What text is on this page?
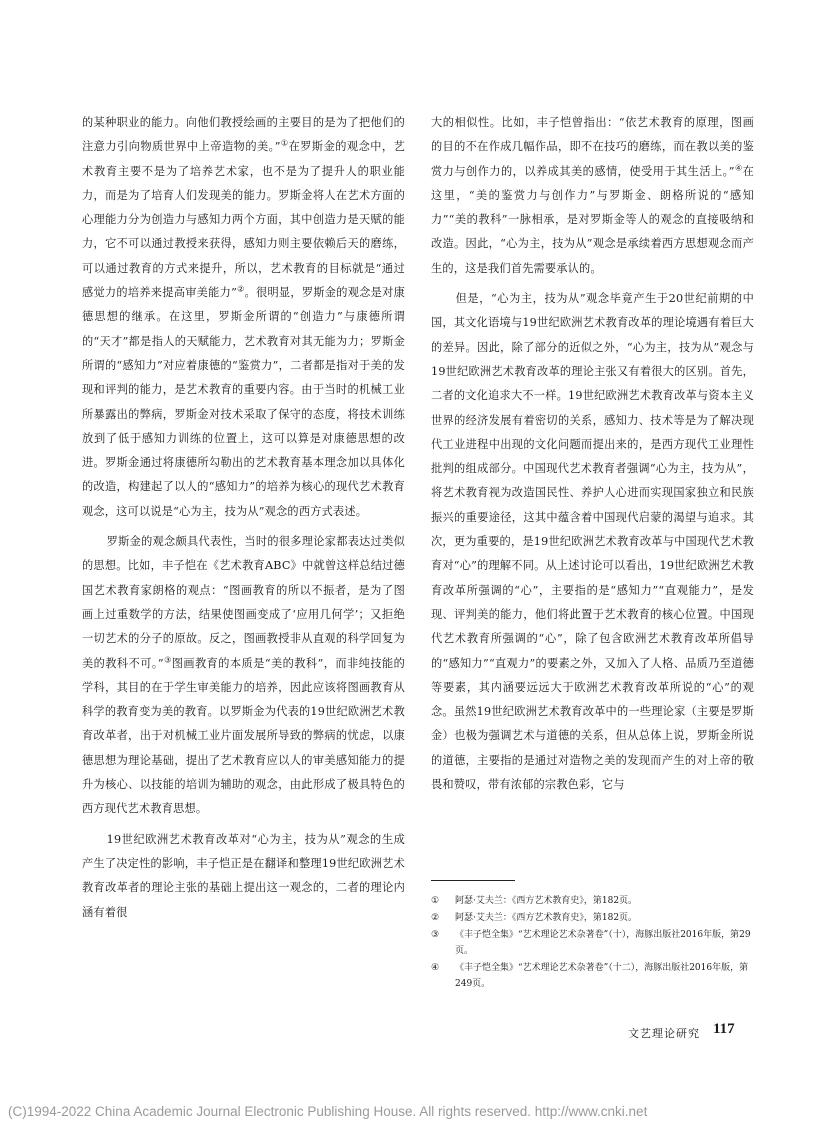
的某种职业的能力。向他们教授绘画的主要目的是为了把他们的注意力引向物质世界中上帝造物的美。”①在罗斯金的观念中，艺术教育主要不是为了培养艺术家，也不是为了提升人的职业能力，而是为了培育人们发现美的能力。罗斯金将人在艺术方面的心理能力分为创造力与感知力两个方面，其中创造力是天赋的能力，它不可以通过教授来获得，感知力则主要依赖后天的磨练，可以通过教育的方式来提升，所以，艺术教育的目标就是“通过感觉力的培养来提高审美能力”②。很明显，罗斯金的观念是对康德思想的继承。在这里，罗斯金所谓的“创造力”与康德所谓的“天才”都是指人的天赋能力，艺术教育对其无能为力；罗斯金所谓的“感知力”对应着康德的“鉴赏力”，二者都是指对于美的发现和评判的能力，是艺术教育的重要内容。由于当时的机械工业所暴露出的弊病，罗斯金对技术采取了保守的态度，将技术训练放到了低于感知力训练的位置上，这可以算是对康德思想的改进。罗斯金通过将康德所勾勒出的艺术教育基本理念加以具体化的改造，构建起了以人的“感知力”的培养为核心的现代艺术教育观念，这可以说是“心为主，技为从”观念的西方式表述。

罗斯金的观念颇具代表性，当时的很多理论家都表达过类似的思想。比如，丰子恺在《艺术教育ABC》中就曾这样总结过德国艺术教育家朗格的观点：“图画教育的所以不振者，是为了图画上过重数学的方法，结果使图画变成了‘应用几何学’；又拒绝一切艺术的分子的原故。反之，图画教授非从直观的科学回复为美的教科不可。”③图画教育的本质是“美的教科”，而非纯技能的学科，其目的在于学生审美能力的培养，因此应该将图画教育从科学的教育变为美的教育。以罗斯金为代表的19世纪欧洲艺术教育改革者，出于对机械工业片面发展所导致的弊病的忧虑，以康德思想为理论基础，提出了艺术教育应以人的审美感知能力的提升为核心、以技能的培训为辅助的观念，由此形成了极具特色的西方现代艺术教育思想。

19世纪欧洲艺术教育改革对“心为主，技为从”观念的生成产生了决定性的影响，丰子恺正是在翻译和整理19世纪欧洲艺术教育改革者的理论主张的基础上提出这一观念的，二者的理论内涵有着很

大的相似性。比如，丰子恺曾指出：“依艺术教育的原理，图画的目的不在作成几幅作品，即不在技巧的磨练，而在教以美的鉴赏力与创作力的，以养成其美的感情，使受用于其生活上。”④在这里，“美的鉴赏力与创作力”与罗斯金、朗格所说的“感知力”“美的教科”一脉相承，是对罗斯金等人的观念的直接吸纳和改造。因此，“心为主，技为从”观念是承续着西方思想观念而产生的，这是我们首先需要承认的。

但是，“心为主，技为从”观念毕竟产生于20世纪前期的中国，其文化语境与19世纪欧洲艺术教育改革的理论境遇有着巨大的差异。因此，除了部分的近似之外，“心为主，技为从”观念与19世纪欧洲艺术教育改革的理论主张又有着很大的区别。首先，二者的文化追求大不一样。19世纪欧洲艺术教育改革与资本主义世界的经济发展有着密切的关系，感知力、技术等是为了解决现代工业进程中出现的文化问题而提出来的，是西方现代工业理性批判的组成部分。中国现代艺术教育者强调“心为主，技为从”，将艺术教育视为改造国民性、养护人心进而实现国家独立和民族振兴的重要途径，这其中蕴含着中国现代启蒙的渴望与追求。其次，更为重要的，是19世纪欧洲艺术教育改革与中国现代艺术教育对“心”的理解不同。从上述讨论可以看出，19世纪欧洲艺术教育改革所强调的“心”，主要指的是“感知力”“直观能力”，是发现、评判美的能力，他们将此置于艺术教育的核心位置。中国现代艺术教育所强调的“心”，除了包含欧洲艺术教育改革所倡导的“感知力”“直观力”的要素之外，又加入了人格、品质乃至道德等要素，其内涵要远远大于欧洲艺术教育改革所说的“心”的观念。虽然19世纪欧洲艺术教育改革中的一些理论家（主要是罗斯金）也极为强调艺术与道德的关系，但从总体上说，罗斯金所说的道德，主要指的是通过对造物之美的发现而产生的对上帝的敬畏和赞叹，带有浓郁的宗教色彩，它与

①	阿瑟·艾夫兰：《西方艺术教育史》，第182页。
②	阿瑟·艾夫兰：《西方艺术教育史》，第182页。
③	《丰子恺全集》“艺术理论艺术杂著卷”（十），海豚出版社2016年版，第29页。
④	《丰子恺全集》“艺术理论艺术杂著卷”（十二），海豚出版社2016年版，第249页。
文艺理论研究 117
(C)1994-2022 China Academic Journal Electronic Publishing House. All rights reserved. http://www.cnki.net
